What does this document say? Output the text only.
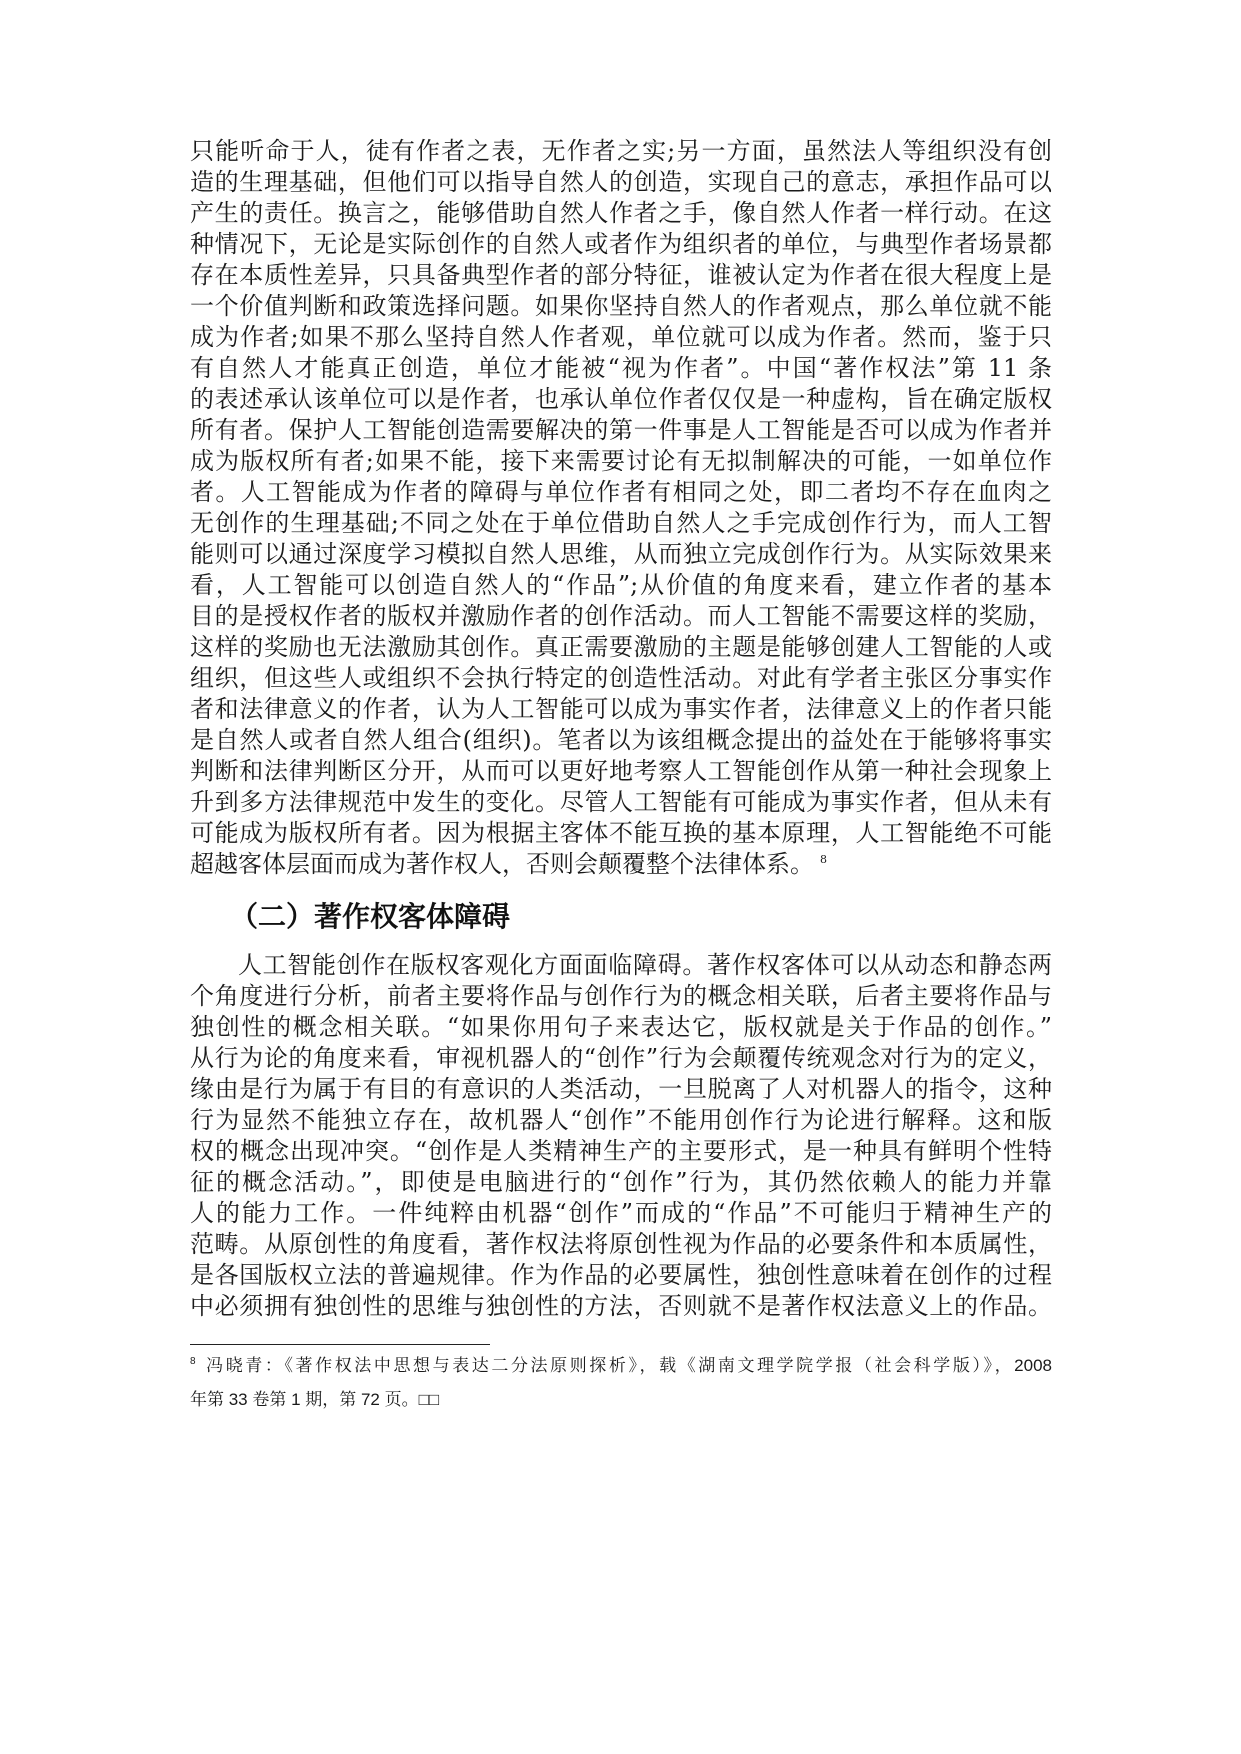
只能听命于人，徒有作者之表，无作者之实;另一方面，虽然法人等组织没有创
造的生理基础，但他们可以指导自然人的创造，实现自己的意志，承担作品可以
产生的责任。换言之，能够借助自然人作者之手，像自然人作者一样行动。在这
种情况下，无论是实际创作的自然人或者作为组织者的单位，与典型作者场景都
存在本质性差异，只具备典型作者的部分特征，谁被认定为作者在很大程度上是
一个价值判断和政策选择问题。如果你坚持自然人的作者观点，那么单位就不能
成为作者;如果不那么坚持自然人作者观，单位就可以成为作者。然而，鉴于只
有自然人才能真正创造，单位才能被“视为作者”。中国“著作权法”第 11 条
的表述承认该单位可以是作者，也承认单位作者仅仅是一种虚构，旨在确定版权
所有者。保护人工智能创造需要解决的第一件事是人工智能是否可以成为作者并
成为版权所有者;如果不能，接下来需要讨论有无拟制解决的可能，一如单位作
者。人工智能成为作者的障碍与单位作者有相同之处，即二者均不存在血肉之
无创作的生理基础;不同之处在于单位借助自然人之手完成创作行为，而人工智
能则可以通过深度学习模拟自然人思维，从而独立完成创作行为。从实际效果来
看，人工智能可以创造自然人的“作品”;从价值的角度来看，建立作者的基本
目的是授权作者的版权并激励作者的创作活动。而人工智能不需要这样的奖励，
这样的奖励也无法激励其创作。真正需要激励的主题是能够创建人工智能的人或
组织，但这些人或组织不会执行特定的创造性活动。对此有学者主张区分事实作
者和法律意义的作者，认为人工智能可以成为事实作者，法律意义上的作者只能
是自然人或者自然人组合(组织)。笔者以为该组概念提出的益处在于能够将事实
判断和法律判断区分开，从而可以更好地考察人工智能创作从第一种社会现象上
升到多方法律规范中发生的变化。尽管人工智能有可能成为事实作者，但从未有
可能成为版权所有者。因为根据主客体不能互换的基本原理，人工智能绝不可能
超越客体层面而成为著作权人，否则会颠覆整个法律体系。 $^8$
（二）著作权客体障碍
人工智能创作在版权客观化方面面临障碍。著作权客体可以从动态和静态两
个角度进行分析，前者主要将作品与创作行为的概念相关联，后者主要将作品与
独创性的概念相关联。“如果你用句子来表达它，版权就是关于作品的创作。”
从行为论的角度来看，审视机器人的“创作”行为会颠覆传统观念对行为的定义，
缘由是行为属于有目的有意识的人类活动，一旦脱离了人对机器人的指令，这种
行为显然不能独立存在，故机器人“创作”不能用创作行为论进行解释。这和版
权的概念出现冲突。“创作是人类精神生产的主要形式，是一种具有鲜明个性特
征的概念活动。”，即使是电脑进行的“创作”行为，其仍然依赖人的能力并靠
人的能力工作。一件纯粹由机器“创作”而成的“作品”不可能归于精神生产的
范畴。从原创性的角度看，著作权法将原创性视为作品的必要条件和本质属性，
是各国版权立法的普遍规律。作为作品的必要属性，独创性意味着在创作的过程
中必须拥有独创性的思维与独创性的方法，否则就不是著作权法意义上的作品。
$^8$ 冯晓青：《著作权法中思想与表达二分法原则探析》，载《湖南文理学院学报（社会科学版）》，2008
年第 33 卷第 1 期，第 72 页。□□
